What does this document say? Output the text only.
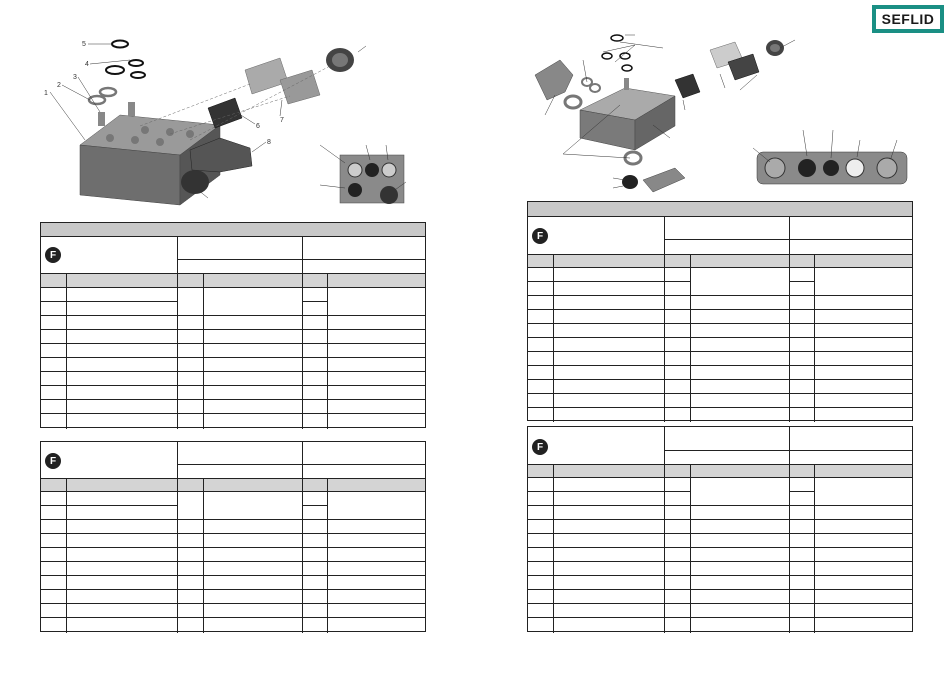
SEFLID
1
2
3
4
5
6
7
8
F
F
F
F
